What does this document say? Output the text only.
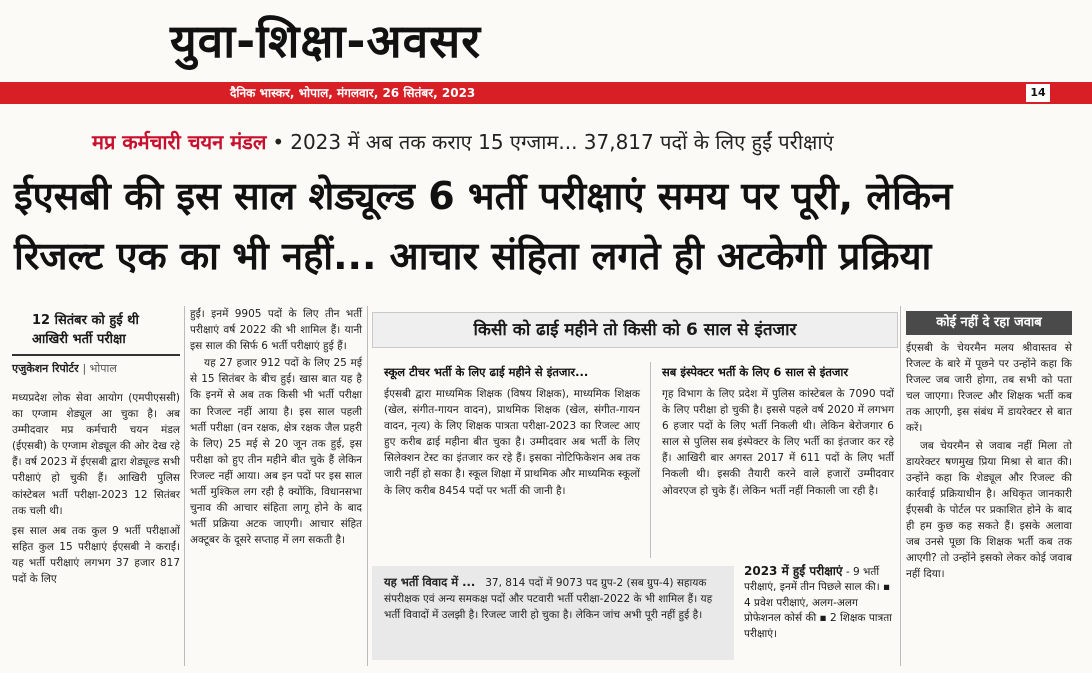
युवा-शिक्षा-अवसर
दैनिक भास्कर, भोपाल, मंगलवार, 26 सितंबर, 2023	14
मप्र कर्मचारी चयन मंडल • 2023 में अब तक कराए 15 एग्जाम... 37,817 पदों के लिए हुईं परीक्षाएं
ईएसबी की इस साल शेड्यूल्ड 6 भर्ती परीक्षाएं समय पर पूरी, लेकिन
रिजल्ट एक का भी नहीं... आचार संहिता लगते ही अटकेगी प्रक्रिया
12 सितंबर को हुई थी
आखिरी भर्ती परीक्षा
एजुकेशन रिपोर्टर | भोपाल

मध्यप्रदेश लोक सेवा आयोग (एमपीएससी) का एग्जाम शेड्यूल आ चुका है। अब उम्मीदवार मप्र कर्मचारी चयन मंडल (ईएसबी) के एग्जाम शेड्यूल की ओर देख रहे हैं। वर्ष 2023 में ईएसबी द्वारा शेड्यूल्ड सभी परीक्षाएं हो चुकी हैं। आखिरी पुलिस कांस्टेबल भर्ती परीक्षा-2023 12 सितंबर तक चली थी।

इस साल अब तक कुल 9 भर्ती परीक्षाओं सहित कुल 15 परीक्षाएं ईएसबी ने कराईं। यह भर्ती परीक्षाएं लगभग 37 हजार 817 पदों के लिए

हुईं। इनमें 9905 पदों के लिए तीन भर्ती परीक्षाएं वर्ष 2022 की भी शामिल हैं। यानी इस साल की सिर्फ 6 भर्ती परीक्षाएं हुई हैं।

यह 27 हजार 912 पदों के लिए 25 मई से 15 सितंबर के बीच हुई। खास बात यह है कि इनमें से अब तक किसी भी भर्ती परीक्षा का रिजल्ट नहीं आया है। इस साल पहली भर्ती परीक्षा (वन रक्षक, क्षेत्र रक्षक जैल प्रहरी के लिए) 25 मई से 20 जून तक हुई, इस परीक्षा को हुए तीन महीने बीत चुके हैं लेकिन रिजल्ट नहीं आया। अब इन पदों पर इस साल भर्ती मुश्किल लग रही है क्योंकि, विधानसभा चुनाव की आचार संहिता लागू होने के बाद भर्ती प्रक्रिया अटक जाएगी। आचार संहित अक्टूबर के दूसरे सप्ताह में लग सकती है।

किसी को ढाई महीने तो किसी को 6 साल से इंतजार
स्कूल टीचर भर्ती के लिए ढाई महीने से इंतजार...
ईएसबी द्वारा माध्यमिक शिक्षक (विषय शिक्षक), माध्यमिक शिक्षक (खेल, संगीत-गायन वादन), प्राथमिक शिक्षक (खेल, संगीत-गायन वादन, नृत्य) के लिए शिक्षक पात्रता परीक्षा-2023 का रिजल्ट आए हुए करीब ढाई महीना बीत चुका है। उम्मीदवार अब भर्ती के लिए सिलेक्शन टेस्ट का इंतजार कर रहे हैं। इसका नोटिफिकेशन अब तक जारी नहीं हो सका है। स्कूल शिक्षा में प्राथमिक और माध्यमिक स्कूलों के लिए करीब 8454 पदों पर भर्ती की जानी है।
सब इंस्पेक्टर भर्ती के लिए 6 साल से इंतजार
गृह विभाग के लिए प्रदेश में पुलिस कांस्टेबल के 7090 पदों के लिए परीक्षा हो चुकी है। इससे पहले वर्ष 2020 में लगभग 6 हजार पदों के लिए भर्ती निकली थी। लेकिन बेरोजगार 6 साल से पुलिस सब इंस्पेक्टर के लिए भर्ती का इंतजार कर रहे हैं। आखिरी बार अगस्त 2017 में 611 पदों के लिए भर्ती निकली थी। इसकी तैयारी करने वाले हजारों उम्मीदवार ओवरएज हो चुके हैं। लेकिन भर्ती नहीं निकाली जा रही है।
यह भर्ती विवाद में ... 37, 814 पदों में 9073 पद ग्रुप-2 (सब ग्रुप-4) सहायक संपरीक्षक एवं अन्य समकक्ष पदों और पटवारी भर्ती परीक्षा-2022 के भी शामिल हैं। यह भर्ती विवादों में उलझी है। रिजल्ट जारी हो चुका है। लेकिन जांच अभी पूरी नहीं हुई है।
2023 में हुईं परीक्षाएं - 9 भर्ती परीक्षाएं, इनमें तीन पिछले साल की। ▪ 4 प्रवेश परीक्षाएं, अलग-अलग प्रोफेशनल कोर्स की ▪ 2 शिक्षक पात्रता परीक्षाएं।
कोई नहीं दे रहा जवाब

ईएसबी के चेयरमैन मलय श्रीवास्तव से रिजल्ट के बारे में पूछने पर उन्होंने कहा कि रिजल्ट जब जारी होगा, तब सभी को पता चल जाएगा। रिजल्ट और शिक्षक भर्ती कब तक आएगी, इस संबंध में डायरेक्टर से बात करें।

जब चेयरमैन से जवाब नहीं मिला तो डायरेक्टर षणमुख प्रिया मिश्रा से बात की। उन्होंने कहा कि शेड्यूल और रिजल्ट की कार्रवाई प्रक्रियाधीन है। अधिकृत जानकारी ईएसबी के पोर्टल पर प्रकाशित होने के बाद ही हम कुछ कह सकते हैं। इसके अलावा जब उनसे पूछा कि शिक्षक भर्ती कब तक आएगी? तो उन्होंने इसको लेकर कोई जवाब नहीं दिया।
